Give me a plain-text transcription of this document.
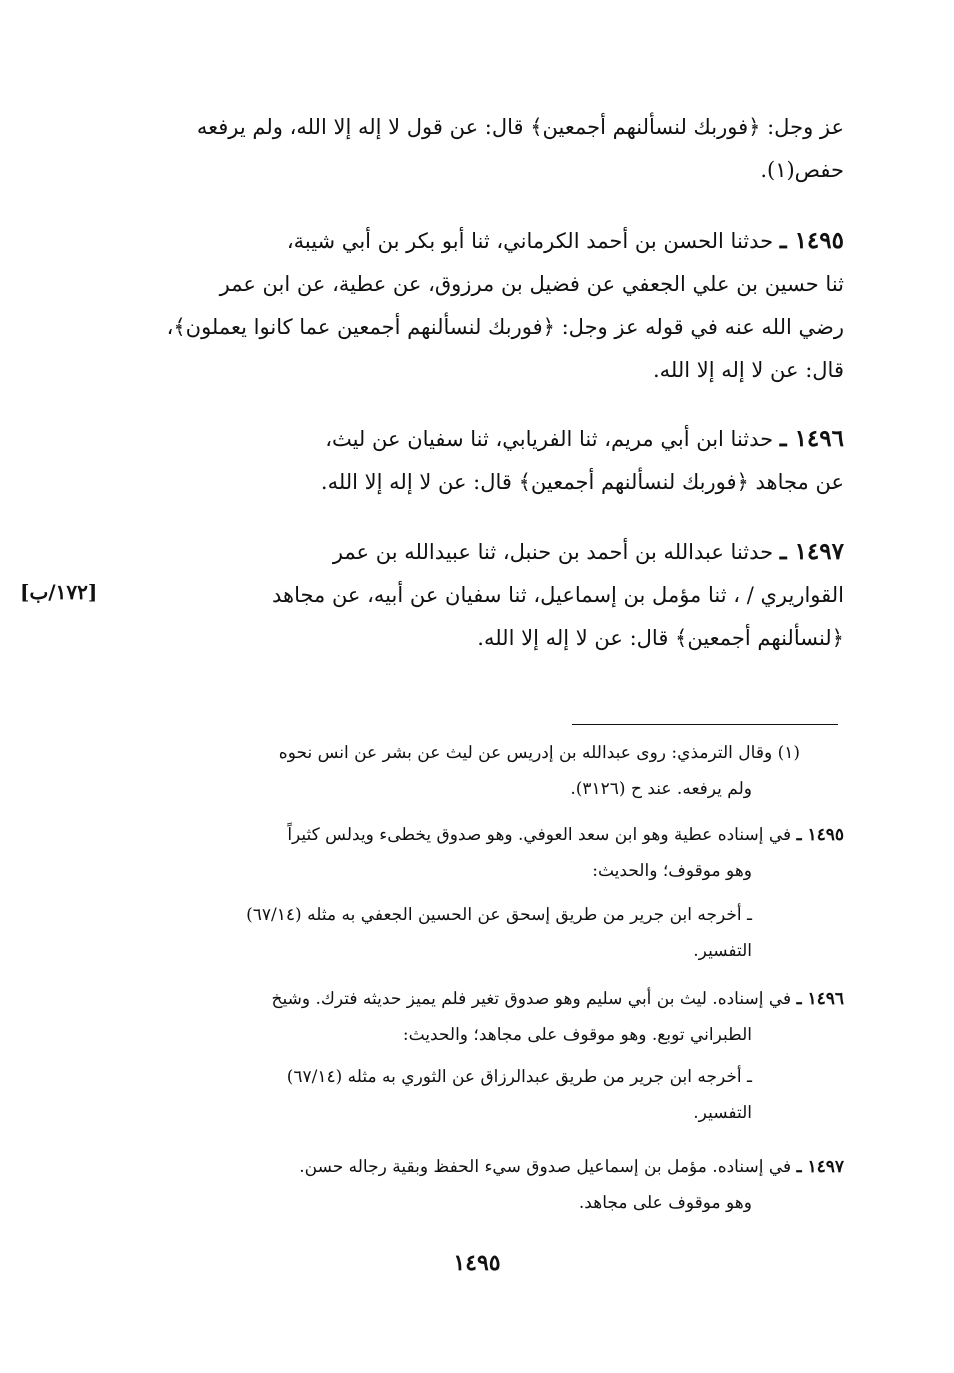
عز وجل: ﴿فوربك لنسألنهم أجمعين﴾ قال: عن قول لا إله إلا الله، ولم يرفعه
حفص(١).
١٤٩٥ ـ حدثنا الحسن بن أحمد الكرماني، ثنا أبو بكر بن أبي شيبة،
ثنا حسين بن علي الجعفي عن فضيل بن مرزوق، عن عطية، عن ابن عمر
رضي الله عنه في قوله عز وجل: ﴿فوربك لنسألنهم أجمعين عما كانوا يعملون﴾،
قال: عن لا إله إلا الله.
١٤٩٦ ـ حدثنا ابن أبي مريم، ثنا الفريابي، ثنا سفيان عن ليث،
عن مجاهد ﴿فوربك لنسألنهم أجمعين﴾ قال: عن لا إله إلا الله.
١٤٩٧ ـ حدثنا عبدالله بن أحمد بن حنبل، ثنا عبيدالله بن عمر
القواريري / ، ثنا مؤمل بن إسماعيل، ثنا سفيان عن أبيه، عن مجاهد
﴿لنسألنهم أجمعين﴾ قال: عن لا إله إلا الله.
[١٧٢/ب]
(١) وقال الترمذي: روى عبدالله بن إدريس عن ليث عن بشر عن انس نحوه
ولم يرفعه. عند ح (٣١٢٦).
١٤٩٥ ـ في إسناده عطية وهو ابن سعد العوفي. وهو صدوق يخطىء ويدلس كثيراً
وهو موقوف؛ والحديث:
ـ أخرجه ابن جرير من طريق إسحق عن الحسين الجعفي به مثله (٦٧/١٤)
التفسير.
١٤٩٦ ـ في إسناده. ليث بن أبي سليم وهو صدوق تغير فلم يميز حديثه فترك. وشيخ
الطبراني توبع. وهو موقوف على مجاهد؛ والحديث:
ـ أخرجه ابن جرير من طريق عبدالرزاق عن الثوري به مثله (٦٧/١٤)
التفسير.
١٤٩٧ ـ في إسناده. مؤمل بن إسماعيل صدوق سيء الحفظ وبقية رجاله حسن.
وهو موقوف على مجاهد.
١٤٩٥
